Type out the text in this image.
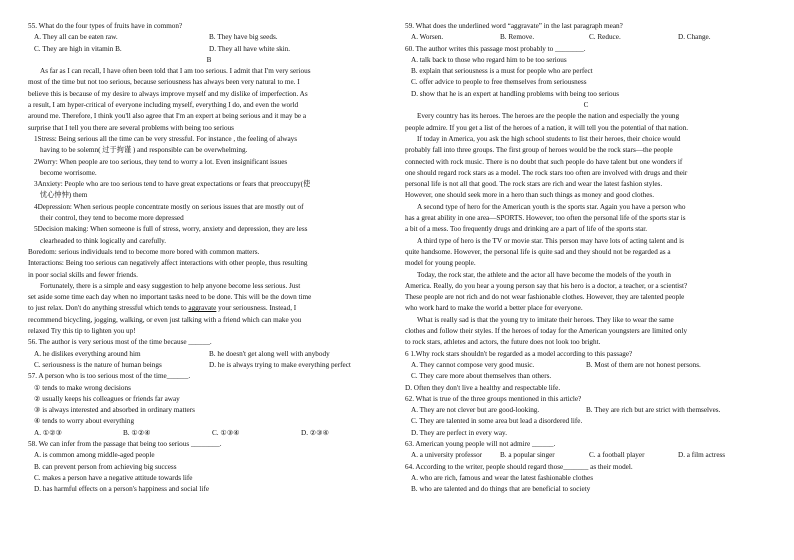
55. What do the four types of fruits have in common?
A. They all can be eaten raw.	B. They have big seeds.
C. They are high in vitamin B.	D. They all have white skin.
B
As far as I can recall, I have often been told that I am too serious. I admit that I'm very serious
most of the time but not too serious, because seriousness has always been very natural to me. I
believe this is because of my desire to always improve myself and my dislike of imperfection. As
a result, I am hyper-critical of everyone including myself, everything I do, and even the world
around me. Therefore, I think you'll also agree that I'm an expert at being serious and it may be a
surprise that I tell you there are several problems with being too serious
1Stress: Being serious all the time can be very stressful. For instance , the feeling of always
having to be solemn( 过于拘谨 ) and responsible can be overwhelming.
2Worry: When people are too serious, they tend to worry a lot. Even insignificant issues
become worrisome.
3Anxiety: People who are too serious tend to have great expectations or fears that preoccupy(使
忧心忡忡) them
4Depression: When serious people concentrate mostly on serious issues that are mostly out of
their control, they tend to become more depressed
5Decision making: When someone is full of stress, worry, anxiety and depression, they are less
clearheaded to think logically and carefully.
Boredom: serious individuals tend to become more bored with common matters.
Interactions: Being too serious can negatively affect interactions with other people, thus resulting
in poor social skills and fewer friends.
Fortunately, there is a simple and easy suggestion to help anyone become less serious. Just
set aside some time each day when no important tasks need to be done. This will be the down time
to just relax. Don't do anything stressful which tends to aggravate your seriousness. Instead, I
recommend bicycling, jogging, walking, or even just talking with a friend which can make you
relaxed Try this tip to lighten you up!
56. The author is very serious most of the time because ______.
A. he dislikes everything around him	B. he doesn't get along well with anybody
C. seriousness is the nature of human beings	D. he is always trying to make everything perfect
57. A person who is too serious most of the time______.
① tends to make wrong decisions
② usually keeps his colleagues or friends far away
③ is always interested and absorbed in ordinary matters
④ tends to worry about everything
A. ①②③	B. ①②④	C. ①③④	D. ②③④
58. We can infer from the passage that being too serious ________.
A. is common among middle-aged people
B. can prevent person from achieving big success
C. makes a person have a negative attitude towards life
D. has harmful effects on a person's happiness and social life
59. What does the underlined word “aggravate” in the last paragraph mean?
A. Worsen.	B. Remove.	C. Reduce.	D. Change.
60. The author writes this passage most probably to ________.
A. talk back to those who regard him to be too serious
B. explain that seriousness is a must for people who are perfect
C. offer advice to people to free themselves from seriousness
D. show that he is an expert at handling problems with being too serious
C
Every country has its heroes. The heroes are the people the nation and especially the young
people admire. If you get a list of the heroes of a nation, it will tell you the potential of that nation.
If today in America, you ask the high school students to list their heroes, their choice would
probably fall into three groups. The first group of heroes would be the rock stars—the people
connected with rock music. There is no doubt that such people do have talent but one wonders if
one should regard rock stars as a model. The rock stars too often are involved with drugs and their
personal life is not all that good. The rock stars are rich and wear the latest fashion styles.
However, one should seek more in a hero than such things as money and good clothes.
A second type of hero for the American youth is the sports star. Again you have a person who
has a great ability in one area—SPORTS. However, too often the personal life of the sports star is
a bit of a mess. Too frequently drugs and drinking are a part of life of the sports star.
A third type of hero is the TV or movie star. This person may have lots of acting talent and is
quite handsome. However, the personal life is quite sad and they should not be regarded as a
model for young people.
Today, the rock star, the athlete and the actor all have become the models of the youth in
America. Really, do you hear a young person say that his hero is a doctor, a teacher, or a scientist?
These people are not rich and do not wear fashionable clothes. However, they are talented people
who work hard to make the world a better place for everyone.
What is really sad is that the young try to imitate their heroes. They like to wear the same
clothes and follow their styles. If the heroes of today for the American youngsters are limited only
to rock stars, athletes and actors, the future does not look too bright.
6 1.Why rock stars shouldn't be regarded as a model according to this passage?
A. They cannot compose very good music.	B. Most of them are not honest persons.
C. They care more about themselves than others.
D. Often they don't live a healthy and respectable life.
62. What is true of the three groups mentioned in this article?
A. They are not clever but are good-looking.	B. They are rich but are strict with themselves.
C. They are talented in some area but lead a disordered life.
D. They are perfect in every way.
63. American young people will not admire ______.
A. a university professor	B. a popular singer	C. a football player	D. a film actress
64. According to the writer, people should regard those_______ as their model.
A. who are rich, famous and wear the latest fashionable clothes
B. who are talented and do things that are beneficial to society
